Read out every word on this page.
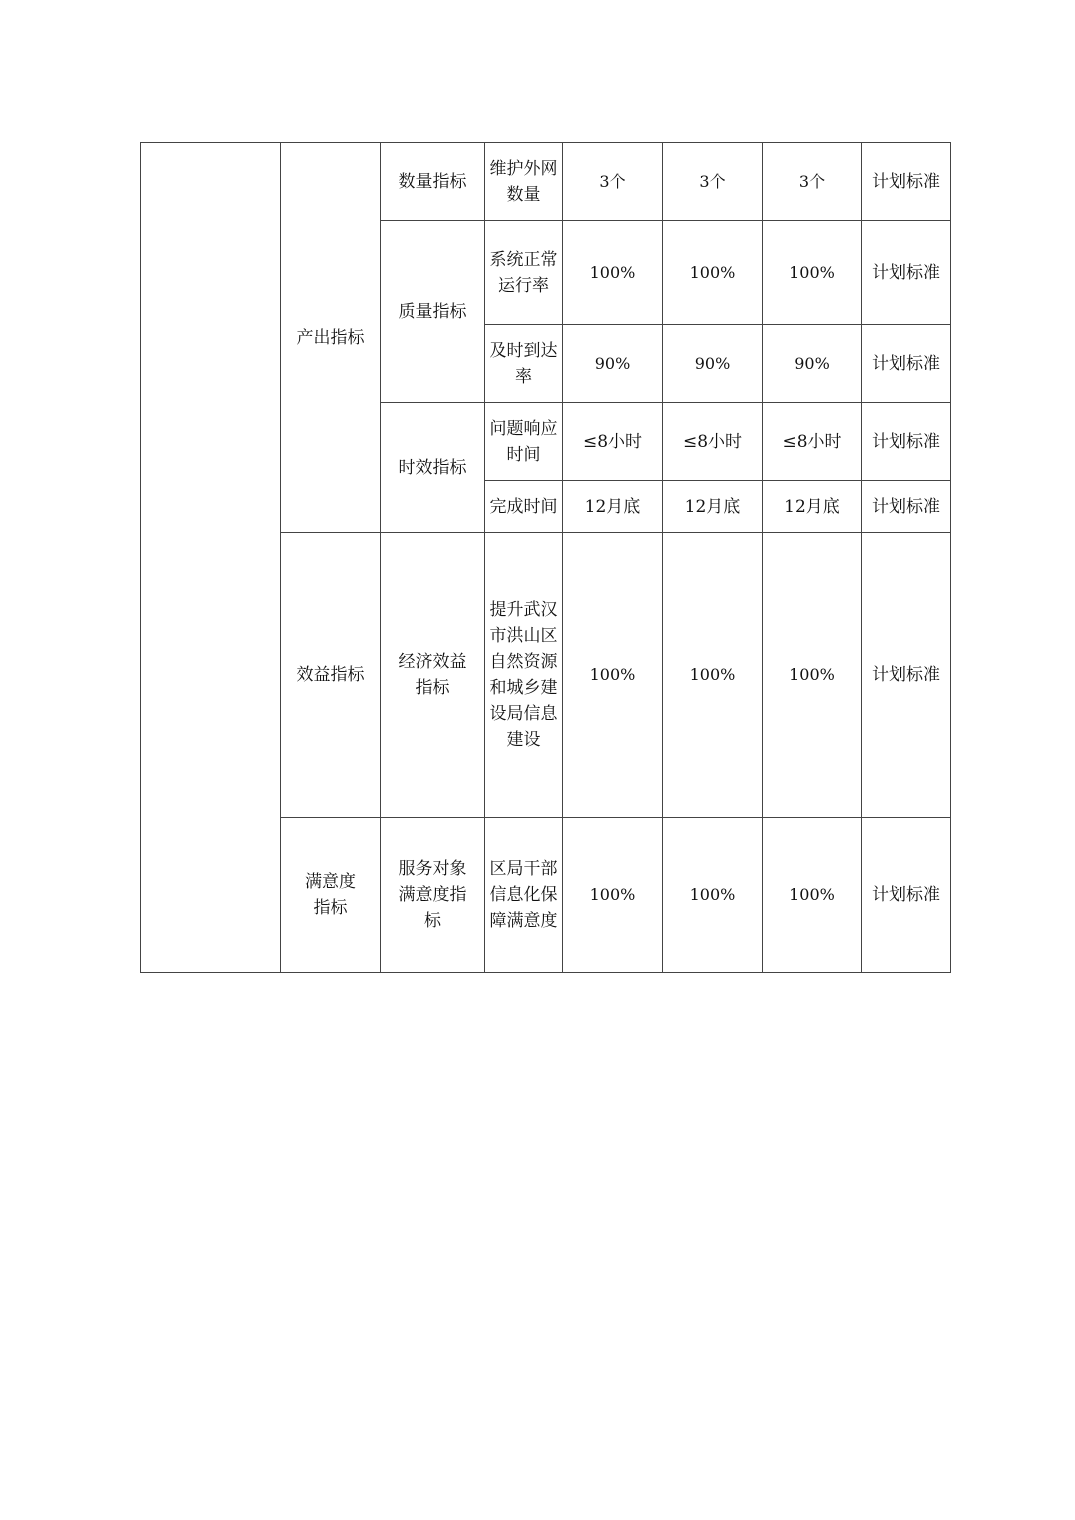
	产出指标	数量指标	维护外网数量	3个	3个	3个	计划标准
		质量指标	系统正常运行率	100%	100%	100%	计划标准
			及时到达率	90%	90%	90%	计划标准
		时效指标	问题响应时间	≤8小时	≤8小时	≤8小时	计划标准
			完成时间	12月底	12月底	12月底	计划标准
	效益指标	经济效益指标	提升武汉市洪山区自然资源和城乡建设局信息建设	100%	100%	100%	计划标准
	满意度指标	服务对象满意度指标	区局干部信息化保障满意度	100%	100%	100%	计划标准
